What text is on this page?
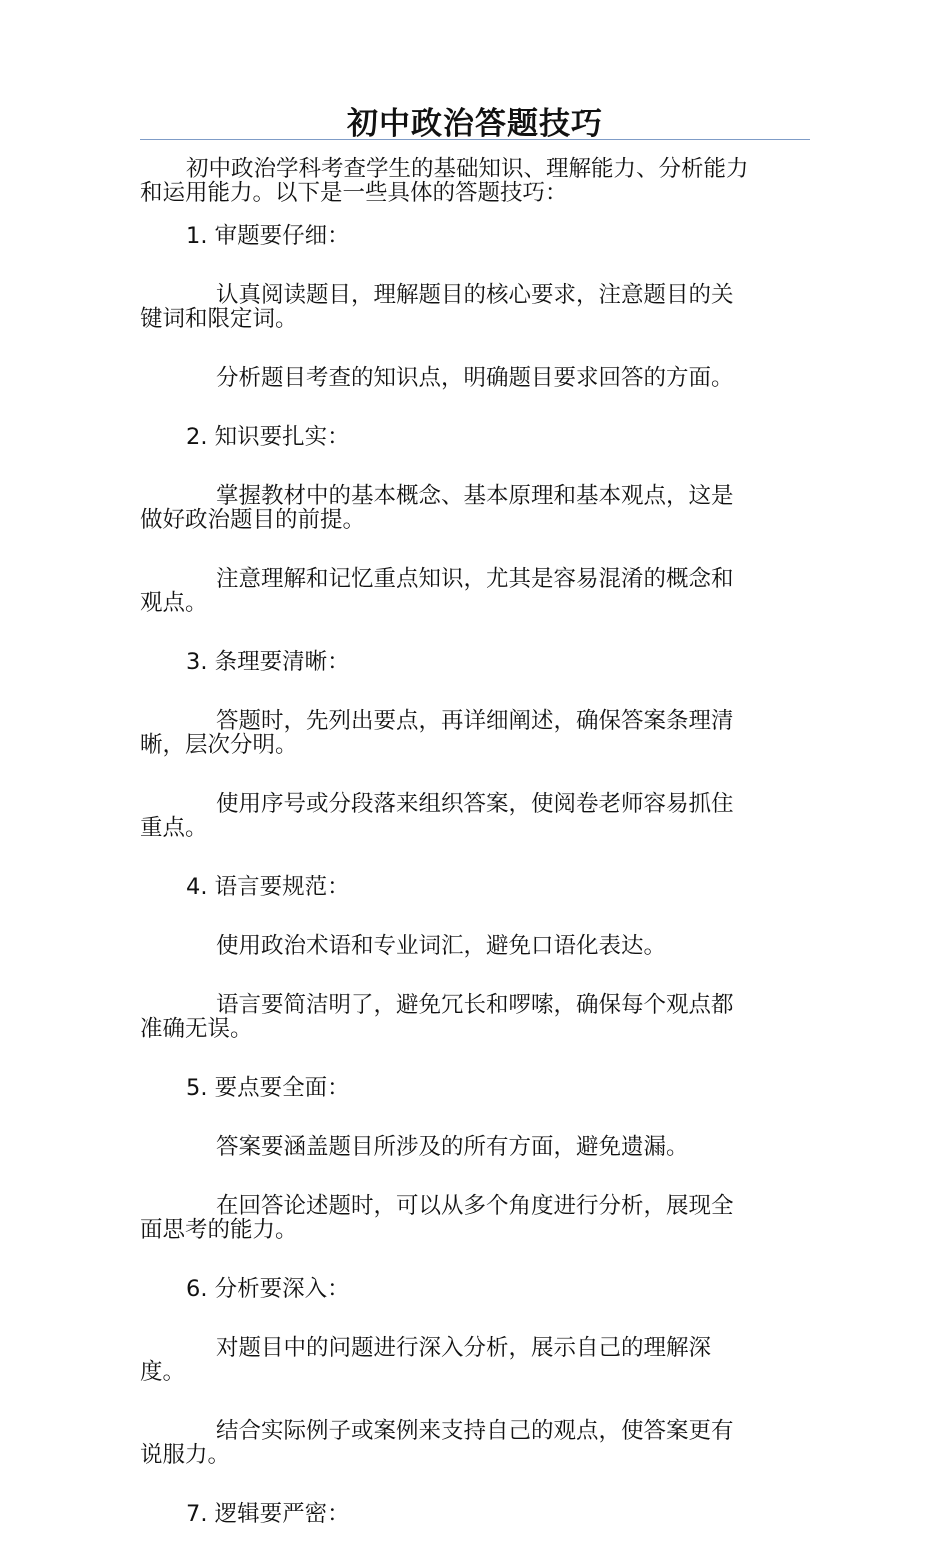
初中政治答题技巧
初中政治学科考查学生的基础知识、理解能力、分析能力
和运用能力。以下是一些具体的答题技巧：
1. 审题要仔细：
认真阅读题目，理解题目的核心要求，注意题目的关
键词和限定词。
分析题目考查的知识点，明确题目要求回答的方面。
2. 知识要扎实：
掌握教材中的基本概念、基本原理和基本观点，这是
做好政治题目的前提。
注意理解和记忆重点知识，尤其是容易混淆的概念和
观点。
3. 条理要清晰：
答题时，先列出要点，再详细阐述，确保答案条理清
晰，层次分明。
使用序号或分段落来组织答案，使阅卷老师容易抓住
重点。
4. 语言要规范：
使用政治术语和专业词汇，避免口语化表达。
语言要简洁明了，避免冗长和啰嗦，确保每个观点都
准确无误。
5. 要点要全面：
答案要涵盖题目所涉及的所有方面，避免遗漏。
在回答论述题时，可以从多个角度进行分析，展现全
面思考的能力。
6. 分析要深入：
对题目中的问题进行深入分析，展示自己的理解深
度。
结合实际例子或案例来支持自己的观点，使答案更有
说服力。
7. 逻辑要严密：
